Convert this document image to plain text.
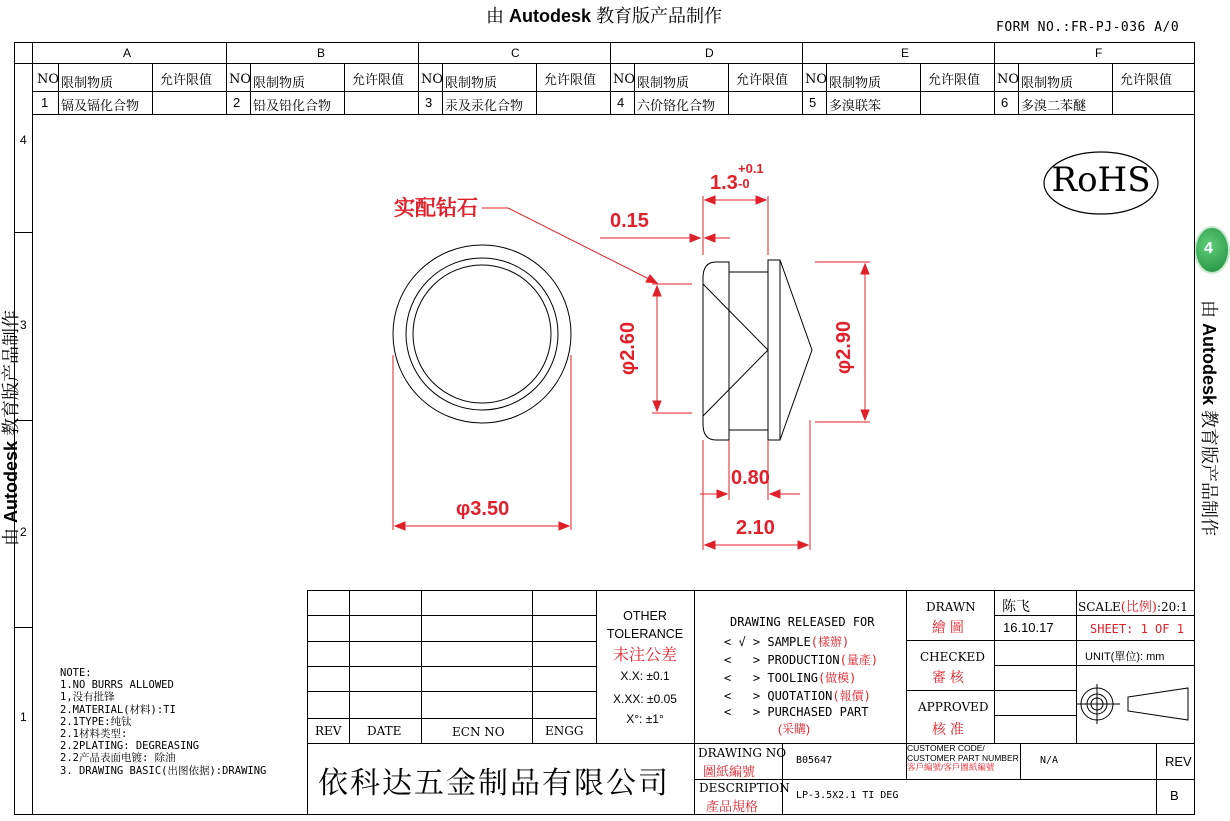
由 Autodesk 教育版产品制作
FORM NO.:FR-PJ-036 A/0
由 Autodesk 教育版产品制作	由 Autodesk 教育版产品制作
4
A	B	C	D	E	F
4
3
2
1
NO 限制物质	允许限值
1 镉及镉化合物
NO 限制物质	允许限值
2 铅及铅化合物
NO 限制物质	允许限值
3 汞及汞化合物
NO 限制物质	允许限值
4 六价铬化合物
NO 限制物质	允许限值
5 多溴联笨
NO 限制物质	允许限值
6 多溴二苯醚
RoHS
实配钻石
0.15
1.3
+0.1
-0
φ2.60	φ2.90
0.80
2.10
φ3.50
NOTE:
1.NO BURRS ALLOWED
1,没有批锋
2.MATERIAL(材料):TI
2.1TYPE:纯钛
2.1材料类型:
2.2PLATING: DEGREASING
2.2产品表面电镀: 除油
3. DRAWING BASIC(出图依据):DRAWING
REV DATE	ECN NO	ENGG
OTHER
TOLERANCE
未注公差
X.X: ±0.1
X.XX: ±0.05
X°: ±1°
DRAWING RELEASED FOR
< √ > SAMPLE(樣辦)
<   > PRODUCTION(量產)
<   > TOOLING(做模)
<   > QUOTATION(報價)
<   > PURCHASED PART
(采購)
DRAWN
繪 圖
陈飞
16.10.17
CHECKED
審 核
APPROVED
核 准
SCALE(比例):20:1
SHEET: 1 OF 1
UNIT(單位): mm
依科达五金制品有限公司
DRAWING NO
圖紙編號
B05647
CUSTOMER CODE/
CUSTOMER PART NUMBER
客戶編號/客戶圖紙編號
N/A	REV
B
DESCRIPTION
產品規格
LP-3.5X2.1 TI DEG
